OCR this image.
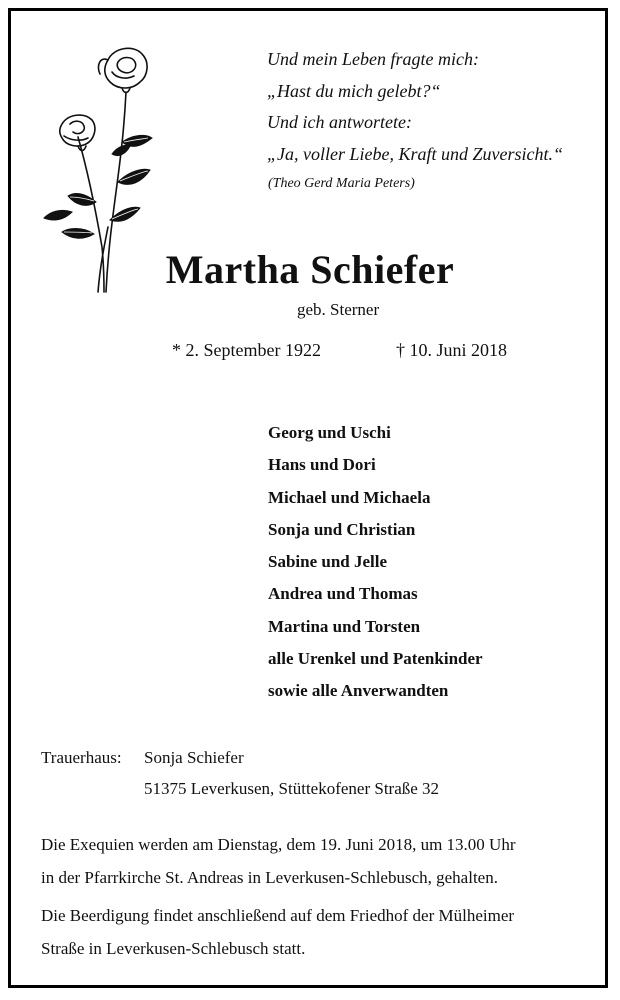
Und mein Leben fragte mich:
„Hast du mich gelebt?“
Und ich antwortete:
„Ja, voller Liebe, Kraft und Zuversicht.“
(Theo Gerd Maria Peters)
Martha Schiefer
geb. Sterner
* 2. September 1922	† 10. Juni 2018
Georg und Uschi
Hans und Dori
Michael und Michaela
Sonja und Christian
Sabine und Jelle
Andrea und Thomas
Martina und Torsten
alle Urenkel und Patenkinder
sowie alle Anverwandten
Trauerhaus: Sonja Schiefer
51375 Leverkusen, Stüttekofener Straße 32
Die Exequien werden am Dienstag, dem 19. Juni 2018, um 13.00 Uhr
in der Pfarrkirche St. Andreas in Leverkusen-Schlebusch, gehalten.
Die Beerdigung findet anschließend auf dem Friedhof der Mülheimer
Straße in Leverkusen-Schlebusch statt.
